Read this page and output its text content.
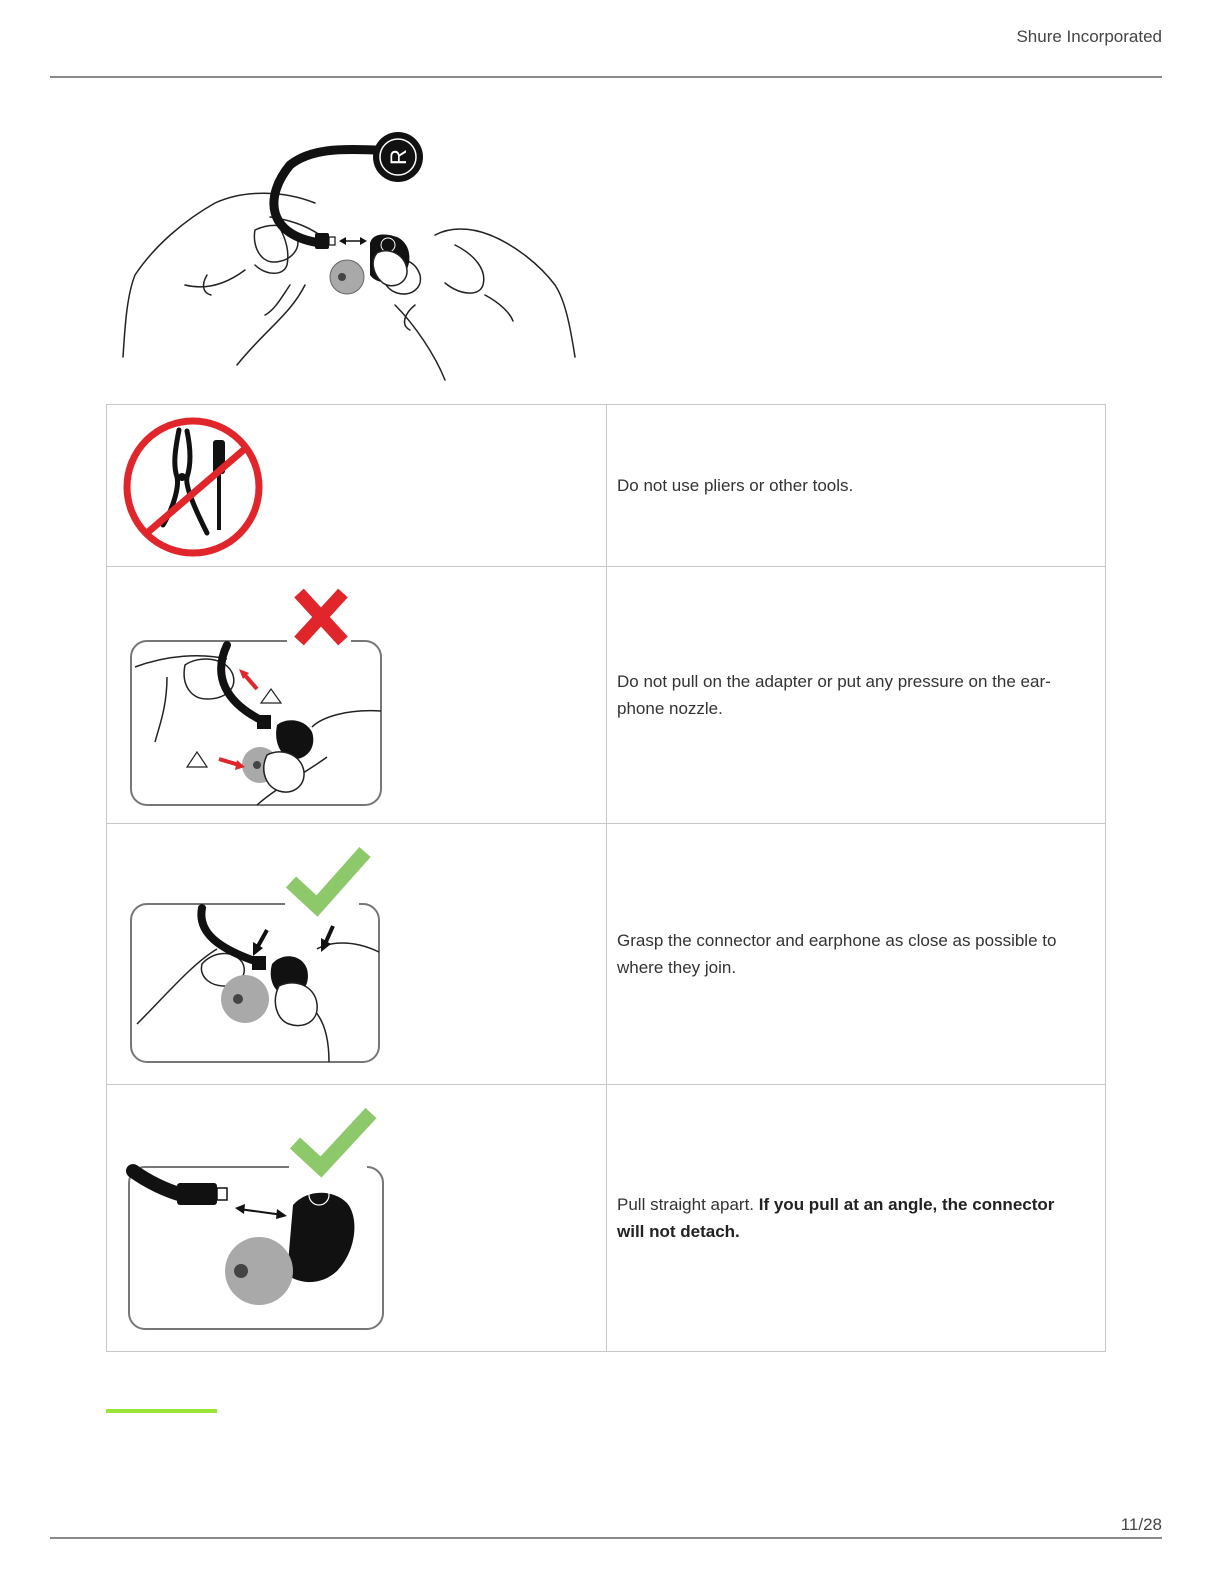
Shure Incorporated
R
	Do not use pliers or other tools.

	Do not pull on the adapter or put any pressure on the ear-phone nozzle.

	Grasp the connector and earphone as close as possible to where they join.

	Pull straight apart. If you pull at an angle, the connector will not detach.
11/28
